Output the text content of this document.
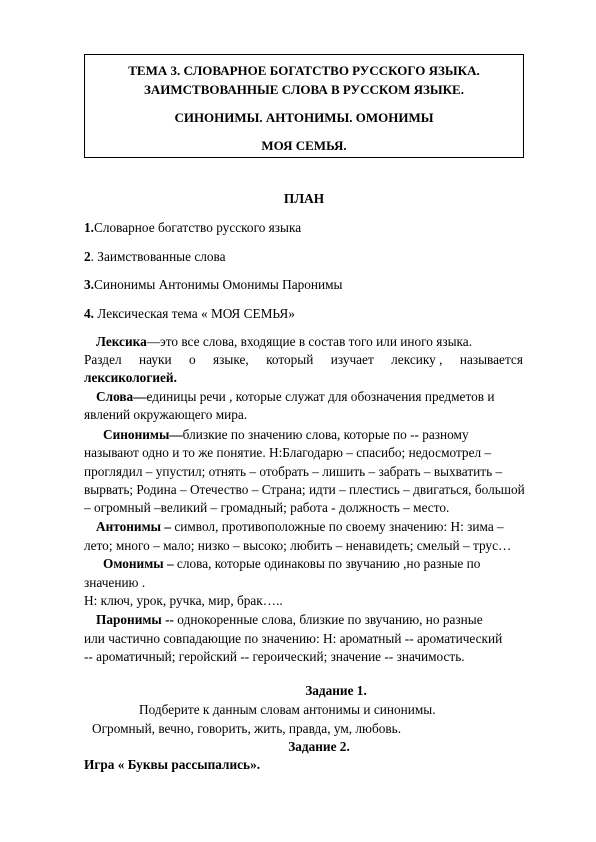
ТЕМА 3. СЛОВАРНОЕ БОГАТСТВО РУССКОГО ЯЗЫКА.
ЗАИМСТВОВАННЫЕ СЛОВА В РУССКОМ ЯЗЫКЕ.
СИНОНИМЫ. АНТОНИМЫ. ОМОНИМЫ
МОЯ СЕМЬЯ.
ПЛАН
1.Словарное богатство русского языка
2. Заимствованные слова
3.Синонимы Антонимы Омонимы Паронимы
4. Лексическая тема « МОЯ СЕМЬЯ»
Лексика—это все слова, входящие в состав того или иного языка.
Раздел науки о языке, который изучает лексику , называется
лексикологией.
Слова—единицы речи , которые служат для обозначения предметов и
явлений окружающего мира.
Синонимы—близкие по значению слова, которые по -- разному
называют одно и то же понятие. Н:Благодарю – спасибо; недосмотрел –
проглядил – упустил; отнять – отобрать – лишить – забрать – выхватить –
вырвать; Родина – Отечество – Страна; идти – плестись – двигаться, большой
– огромный –великий – громадный; работа - должность – место.
Антонимы – символ, противоположные по своему значению: Н: зима –
лето; много – мало; низко – высоко; любить – ненавидеть; смелый – трус…
Омонимы – слова, которые одинаковы по звучанию ,но разные по
значению .
Н: ключ, урок, ручка, мир, брак…..
Паронимы -- однокоренные слова, близкие по звучанию, но разные
или частично совпадающие по значению: Н: ароматный -- ароматический
-- ароматичный; геройский -- героический; значение -- значимость.
Задание 1.
Подберите к данным словам антонимы и синонимы.
Огромный, вечно, говорить, жить, правда, ум, любовь.
Задание 2.
Игра « Буквы рассыпались».
